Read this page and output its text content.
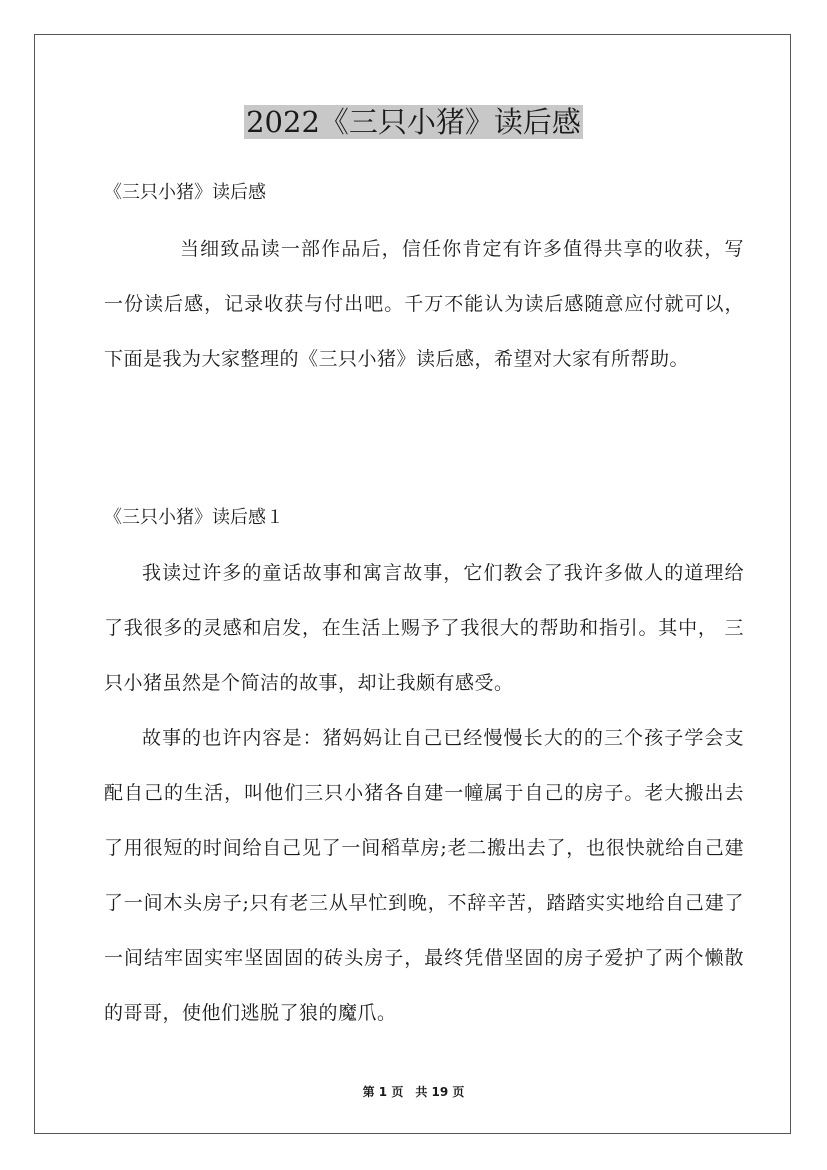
2022《三只小猪》读后感
《三只小猪》读后感

当细致品读一部作品后，信任你肯定有许多值得共享的收获，写一份读后感，记录收获与付出吧。千万不能认为读后感随意应付就可以，下面是我为大家整理的《三只小猪》读后感，希望对大家有所帮助。

《三只小猪》读后感１

我读过许多的童话故事和寓言故事，它们教会了我许多做人的道理给了我很多的灵感和启发，在生活上赐予了我很大的帮助和指引。其中， 三只小猪虽然是个简洁的故事，却让我颇有感受。

故事的也许内容是：猪妈妈让自己已经慢慢长大的的三个孩子学会支配自己的生活，叫他们三只小猪各自建一幢属于自己的房子。老大搬出去了用很短的时间给自己见了一间稻草房;老二搬出去了，也很快就给自己建了一间木头房子;只有老三从早忙到晚，不辞辛苦，踏踏实实地给自己建了一间结牢固实牢坚固固的砖头房子，最终凭借坚固的房子爱护了两个懒散的哥哥，使他们逃脱了狼的魔爪。

第 1 页　共 19 页
